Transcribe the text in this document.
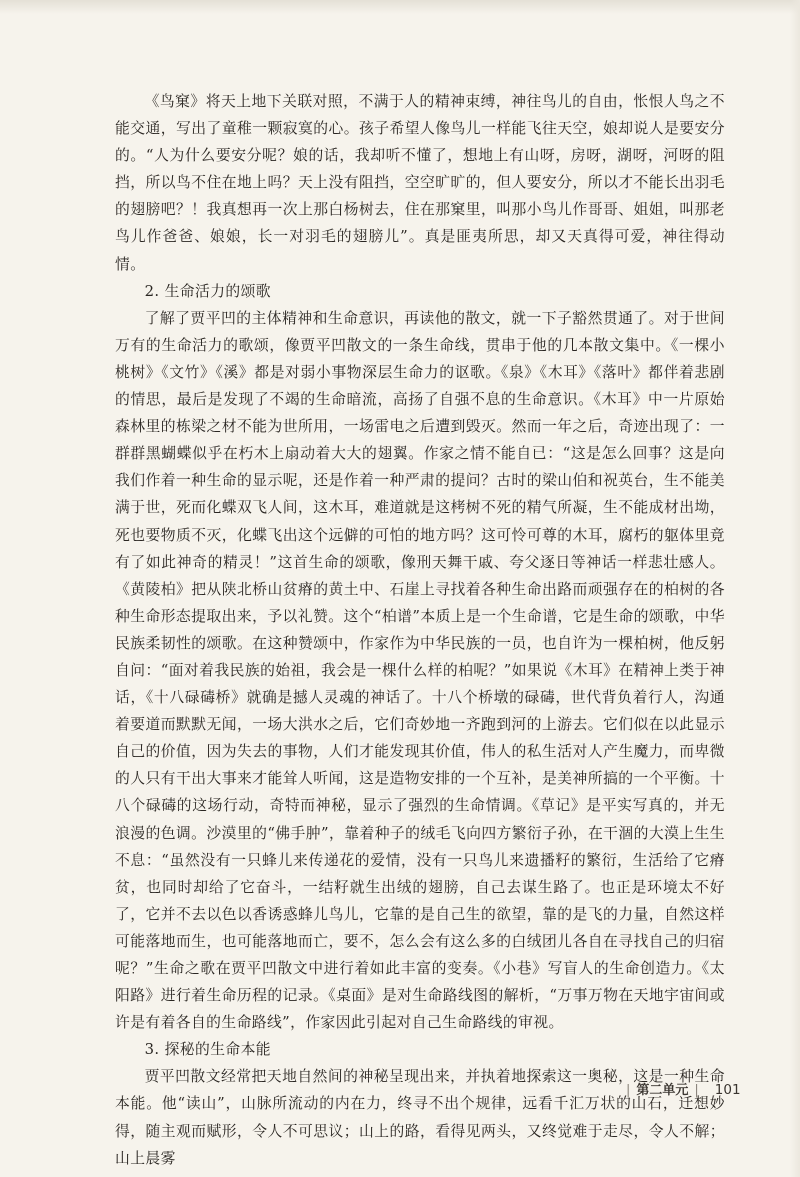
《鸟窠》将天上地下关联对照，不满于人的精神束缚，神往鸟儿的自由，怅恨人鸟之不能交通，写出了童稚一颗寂寞的心。孩子希望人像鸟儿一样能飞往天空，娘却说人是要安分的。“人为什么要安分呢？娘的话，我却听不懂了，想地上有山呀，房呀，湖呀，河呀的阻挡，所以鸟不住在地上吗？天上没有阻挡，空空旷旷的，但人要安分，所以才不能长出羽毛的翅膀吧？！我真想再一次上那白杨树去，住在那窠里，叫那小鸟儿作哥哥、姐姐，叫那老鸟儿作爸爸、娘娘，长一对羽毛的翅膀儿”。真是匪夷所思，却又天真得可爱，神往得动情。

2. 生命活力的颂歌

了解了贾平凹的主体精神和生命意识，再读他的散文，就一下子豁然贯通了。对于世间万有的生命活力的歌颂，像贾平凹散文的一条生命线，贯串于他的几本散文集中。《一棵小桃树》《文竹》《溪》都是对弱小事物深层生命力的讴歌。《泉》《木耳》《落叶》都伴着悲剧的情思，最后是发现了不竭的生命暗流，高扬了自强不息的生命意识。《木耳》中一片原始森林里的栋梁之材不能为世所用，一场雷电之后遭到毁灭。然而一年之后，奇迹出现了：一群群黑蝴蝶似乎在朽木上扇动着大大的翅翼。作家之情不能自已：“这是怎么回事？这是向我们作着一种生命的显示呢，还是作着一种严肃的提问？古时的梁山伯和祝英台，生不能美满于世，死而化蝶双飞人间，这木耳，难道就是这栲树不死的精气所凝，生不能成材出坳，死也要物质不灭，化蝶飞出这个远僻的可怕的地方吗？这可怜可尊的木耳，腐朽的躯体里竟有了如此神奇的精灵！”这首生命的颂歌，像刑天舞干戚、夸父逐日等神话一样悲壮感人。《黄陵柏》把从陕北桥山贫瘠的黄土中、石崖上寻找着各种生命出路而顽强存在的柏树的各种生命形态提取出来，予以礼赞。这个“柏谱”本质上是一个生命谱，它是生命的颂歌，中华民族柔韧性的颂歌。在这种赞颂中，作家作为中华民族的一员，也自许为一棵柏树，他反躬自问：“面对着我民族的始祖，我会是一棵什么样的柏呢？”如果说《木耳》在精神上类于神话，《十八碌碡桥》就确是撼人灵魂的神话了。十八个桥墩的碌碡，世代背负着行人，沟通着要道而默默无闻，一场大洪水之后，它们奇妙地一齐跑到河的上游去。它们似在以此显示自己的价值，因为失去的事物，人们才能发现其价值，伟人的私生活对人产生魔力，而卑微的人只有干出大事来才能耸人听闻，这是造物安排的一个互补，是美神所搞的一个平衡。十八个碌碡的这场行动，奇特而神秘，显示了强烈的生命情调。《草记》是平实写真的，并无浪漫的色调。沙漠里的“佛手肿”，靠着种子的绒毛飞向四方繁衍子孙，在干涸的大漠上生生不息：“虽然没有一只蜂儿来传递花的爱情，没有一只鸟儿来遗播籽的繁衍，生活给了它瘠贫，也同时却给了它奋斗，一结籽就生出绒的翅膀，自己去谋生路了。也正是环境太不好了，它并不去以色以香诱惑蜂儿鸟儿，它靠的是自己生的欲望，靠的是飞的力量，自然这样可能落地而生，也可能落地而亡，要不，怎么会有这么多的白绒团儿各自在寻找自己的归宿呢？”生命之歌在贾平凹散文中进行着如此丰富的变奏。《小巷》写盲人的生命创造力。《太阳路》进行着生命历程的记录。《桌面》是对生命路线图的解析，“万事万物在天地宇宙间或许是有着各自的生命路线”，作家因此引起对自己生命路线的审视。

3. 探秘的生命本能

贾平凹散文经常把天地自然间的神秘呈现出来，并执着地探索这一奥秘，这是一种生命本能。他“读山”，山脉所流动的内在力，终寻不出个规律，远看千汇万状的山石，迁想妙得，随主观而赋形，令人不可思议；山上的路，看得见两头，又终觉难于走尽，令人不解；山上晨雾

| 第二单元 | 101
